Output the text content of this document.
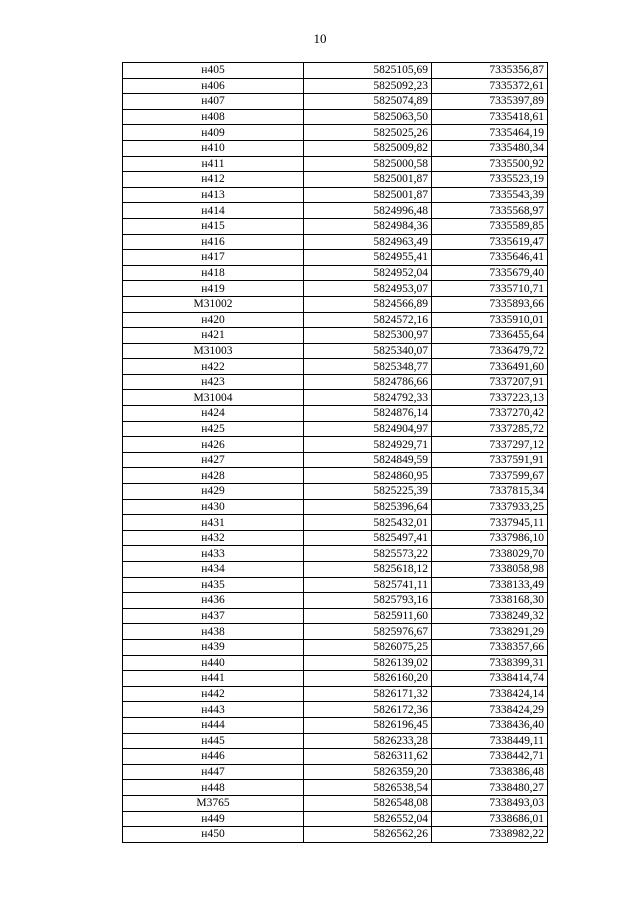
10
н405	5825105,69	7335356,87
н406	5825092,23	7335372,61
н407	5825074,89	7335397,89
н408	5825063,50	7335418,61
н409	5825025,26	7335464,19
н410	5825009,82	7335480,34
н411	5825000,58	7335500,92
н412	5825001,87	7335523,19
н413	5825001,87	7335543,39
н414	5824996,48	7335568,97
н415	5824984,36	7335589,85
н416	5824963,49	7335619,47
н417	5824955,41	7335646,41
н418	5824952,04	7335679,40
н419	5824953,07	7335710,71
М31002	5824566,89	7335893,66
н420	5824572,16	7335910,01
н421	5825300,97	7336455,64
М31003	5825340,07	7336479,72
н422	5825348,77	7336491,60
н423	5824786,66	7337207,91
М31004	5824792,33	7337223,13
н424	5824876,14	7337270,42
н425	5824904,97	7337285,72
н426	5824929,71	7337297,12
н427	5824849,59	7337591,91
н428	5824860,95	7337599,67
н429	5825225,39	7337815,34
н430	5825396,64	7337933,25
н431	5825432,01	7337945,11
н432	5825497,41	7337986,10
н433	5825573,22	7338029,70
н434	5825618,12	7338058,98
н435	5825741,11	7338133,49
н436	5825793,16	7338168,30
н437	5825911,60	7338249,32
н438	5825976,67	7338291,29
н439	5826075,25	7338357,66
н440	5826139,02	7338399,31
н441	5826160,20	7338414,74
н442	5826171,32	7338424,14
н443	5826172,36	7338424,29
н444	5826196,45	7338436,40
н445	5826233,28	7338449,11
н446	5826311,62	7338442,71
н447	5826359,20	7338386,48
н448	5826538,54	7338480,27
М3765	5826548,08	7338493,03
н449	5826552,04	7338686,01
н450	5826562,26	7338982,22
